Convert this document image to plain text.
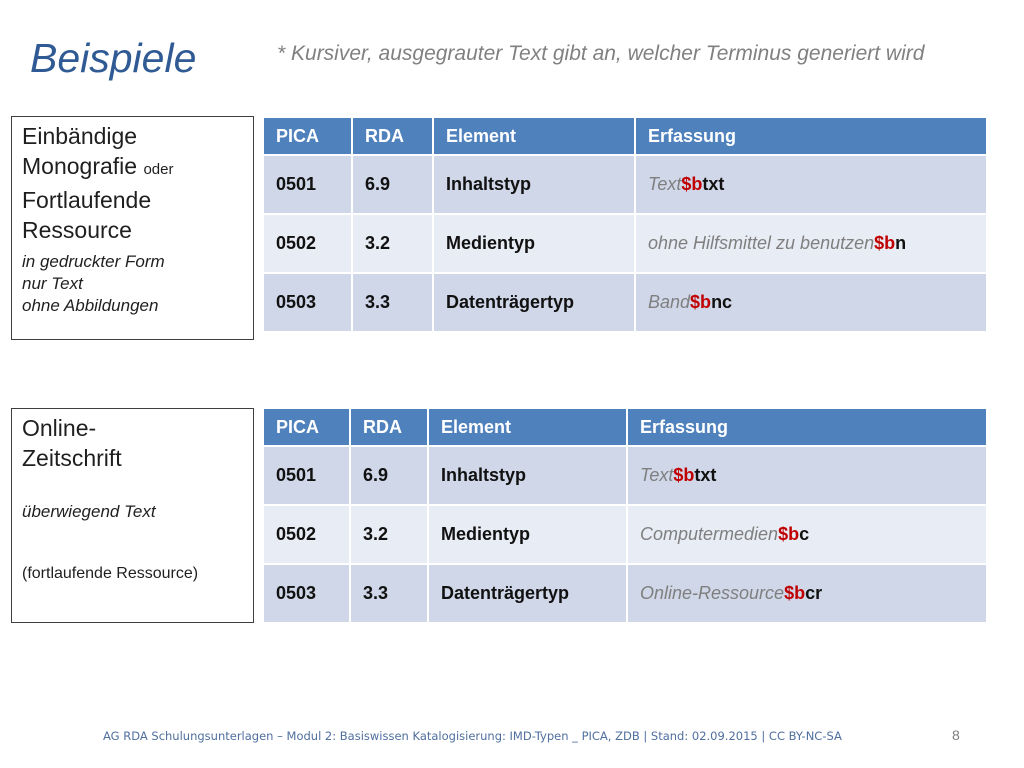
Beispiele	* Kursiver, ausgegrauter Text gibt an, welcher Terminus generiert wird
Einbändige
Monografie oder
Fortlaufende
Ressource
in gedruckter Form
nur Text
ohne Abbildungen
Online-
Zeitschrift
überwiegend Text
(fortlaufende Ressource)
PICA	RDA	Element	Erfassung
0501	6.9	Inhaltstyp	Text$btxt
0502	3.2	Medientyp	ohne Hilfsmittel zu benutzen$bn
0503	3.3	Datenträgertyp	Band$bnc
PICA	RDA	Element	Erfassung
0501	6.9	Inhaltstyp	Text$btxt
0502	3.2	Medientyp	Computermedien$bc
0503	3.3	Datenträgertyp	Online-Ressource$bcr
AG RDA Schulungsunterlagen – Modul 2: Basiswissen Katalogisierung: IMD-Typen _ PICA, ZDB | Stand: 02.09.2015 | CC BY-NC-SA	8
